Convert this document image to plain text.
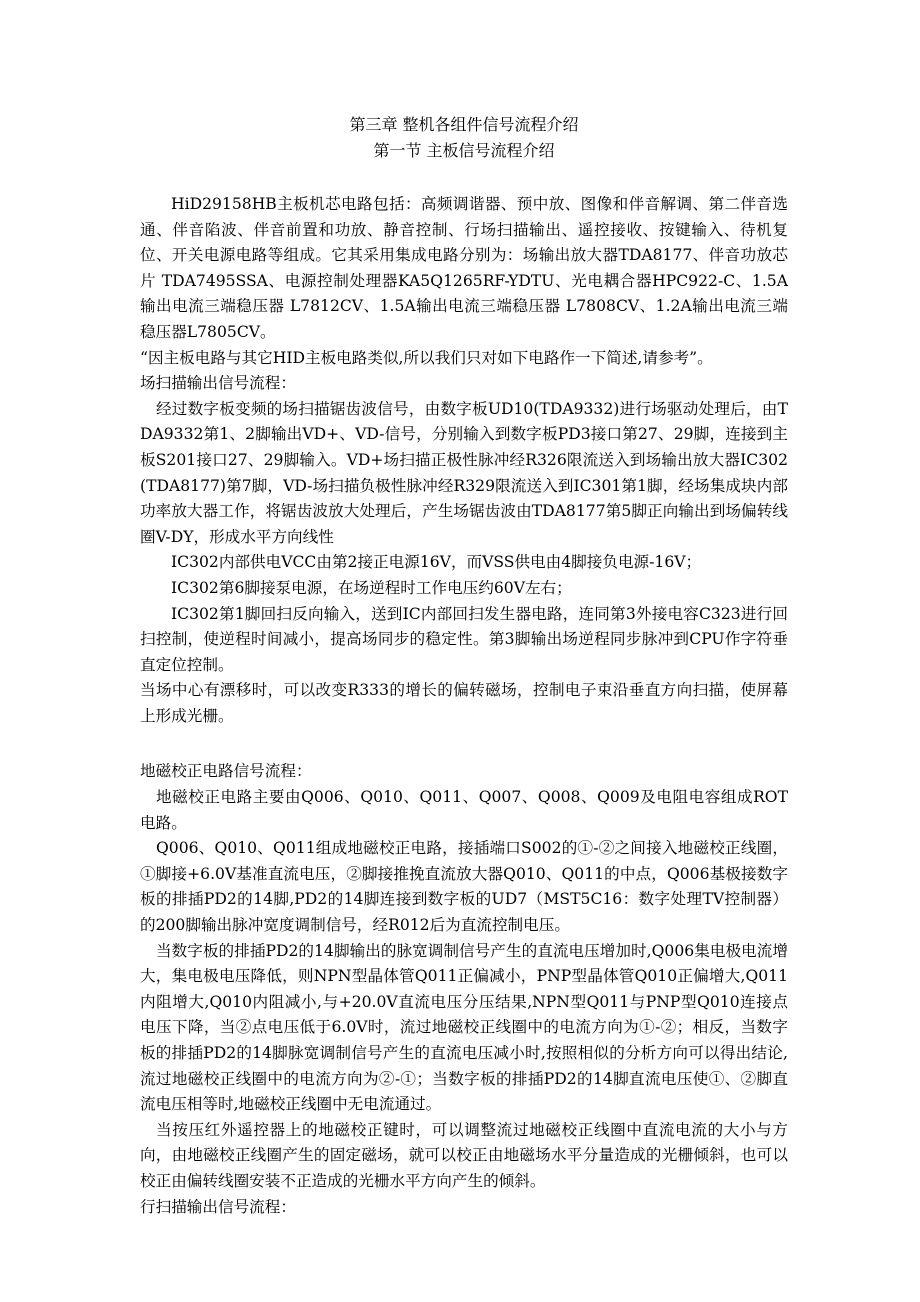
第三章 整机各组件信号流程介绍
第一节 主板信号流程介绍

HiD29158HB主板机芯电路包括：高频调谐器、预中放、图像和伴音解调、第二伴音选通、伴音陷波、伴音前置和功放、静音控制、行场扫描输出、遥控接收、按键输入、待机复位、开关电源电路等组成。它其采用集成电路分别为：场输出放大器TDA8177、伴音功放芯片 TDA7495SSA、电源控制处理器KA5Q1265RF-YDTU、光电耦合器HPC922-C、1.5A输出电流三端稳压器 L7812CV、1.5A输出电流三端稳压器 L7808CV、1.2A输出电流三端稳压器L7805CV。

“因主板电路与其它HID主板电路类似,所以我们只对如下电路作一下简述,请参考”。

场扫描输出信号流程：

经过数字板变频的场扫描锯齿波信号，由数字板UD10(TDA9332)进行场驱动处理后，由TDA9332第1、2脚输出VD+、VD-信号，分别输入到数字板PD3接口第27、29脚，连接到主板S201接口27、29脚输入。VD+场扫描正极性脉冲经R326限流送入到场输出放大器IC302(TDA8177)第7脚，VD-场扫描负极性脉冲经R329限流送入到IC301第1脚，经场集成块内部功率放大器工作，将锯齿波放大处理后，产生场锯齿波由TDA8177第5脚正向输出到场偏转线圈V-DY，形成水平方向线性

IC302内部供电VCC由第2接正电源16V，而VSS供电由4脚接负电源-16V；

IC302第6脚接泵电源，在场逆程时工作电压约60V左右；

IC302第1脚回扫反向输入，送到IC内部回扫发生器电路，连同第3外接电容C323进行回扫控制，使逆程时间减小，提高场同步的稳定性。第3脚输出场逆程同步脉冲到CPU作字符垂直定位控制。

当场中心有漂移时，可以改变R333的增长的偏转磁场，控制电子束沿垂直方向扫描，使屏幕上形成光栅。

地磁校正电路信号流程：

地磁校正电路主要由Q006、Q010、Q011、Q007、Q008、Q009及电阻电容组成ROT电路。

Q006、Q010、Q011组成地磁校正电路，接插端口S002的①-②之间接入地磁校正线圈，①脚接+6.0V基准直流电压，②脚接推挽直流放大器Q010、Q011的中点，Q006基极接数字板的排插PD2的14脚,PD2的14脚连接到数字板的UD7（MST5C16：数字处理TV控制器）的200脚输出脉冲宽度调制信号，经R012后为直流控制电压。

当数字板的排插PD2的14脚输出的脉宽调制信号产生的直流电压增加时,Q006集电极电流增大，集电极电压降低，则NPN型晶体管Q011正偏减小，PNP型晶体管Q010正偏增大,Q011内阻增大,Q010内阻减小,与+20.0V直流电压分压结果,NPN型Q011与PNP型Q010连接点电压下降，当②点电压低于6.0V时，流过地磁校正线圈中的电流方向为①-②；相反，当数字板的排插PD2的14脚脉宽调制信号产生的直流电压减小时,按照相似的分析方向可以得出结论,流过地磁校正线圈中的电流方向为②-①；当数字板的排插PD2的14脚直流电压使①、②脚直流电压相等时,地磁校正线圈中无电流通过。

当按压红外遥控器上的地磁校正键时，可以调整流过地磁校正线圈中直流电流的大小与方向，由地磁校正线圈产生的固定磁场，就可以校正由地磁场水平分量造成的光栅倾斜，也可以校正由偏转线圈安装不正造成的光栅水平方向产生的倾斜。

行扫描输出信号流程：
